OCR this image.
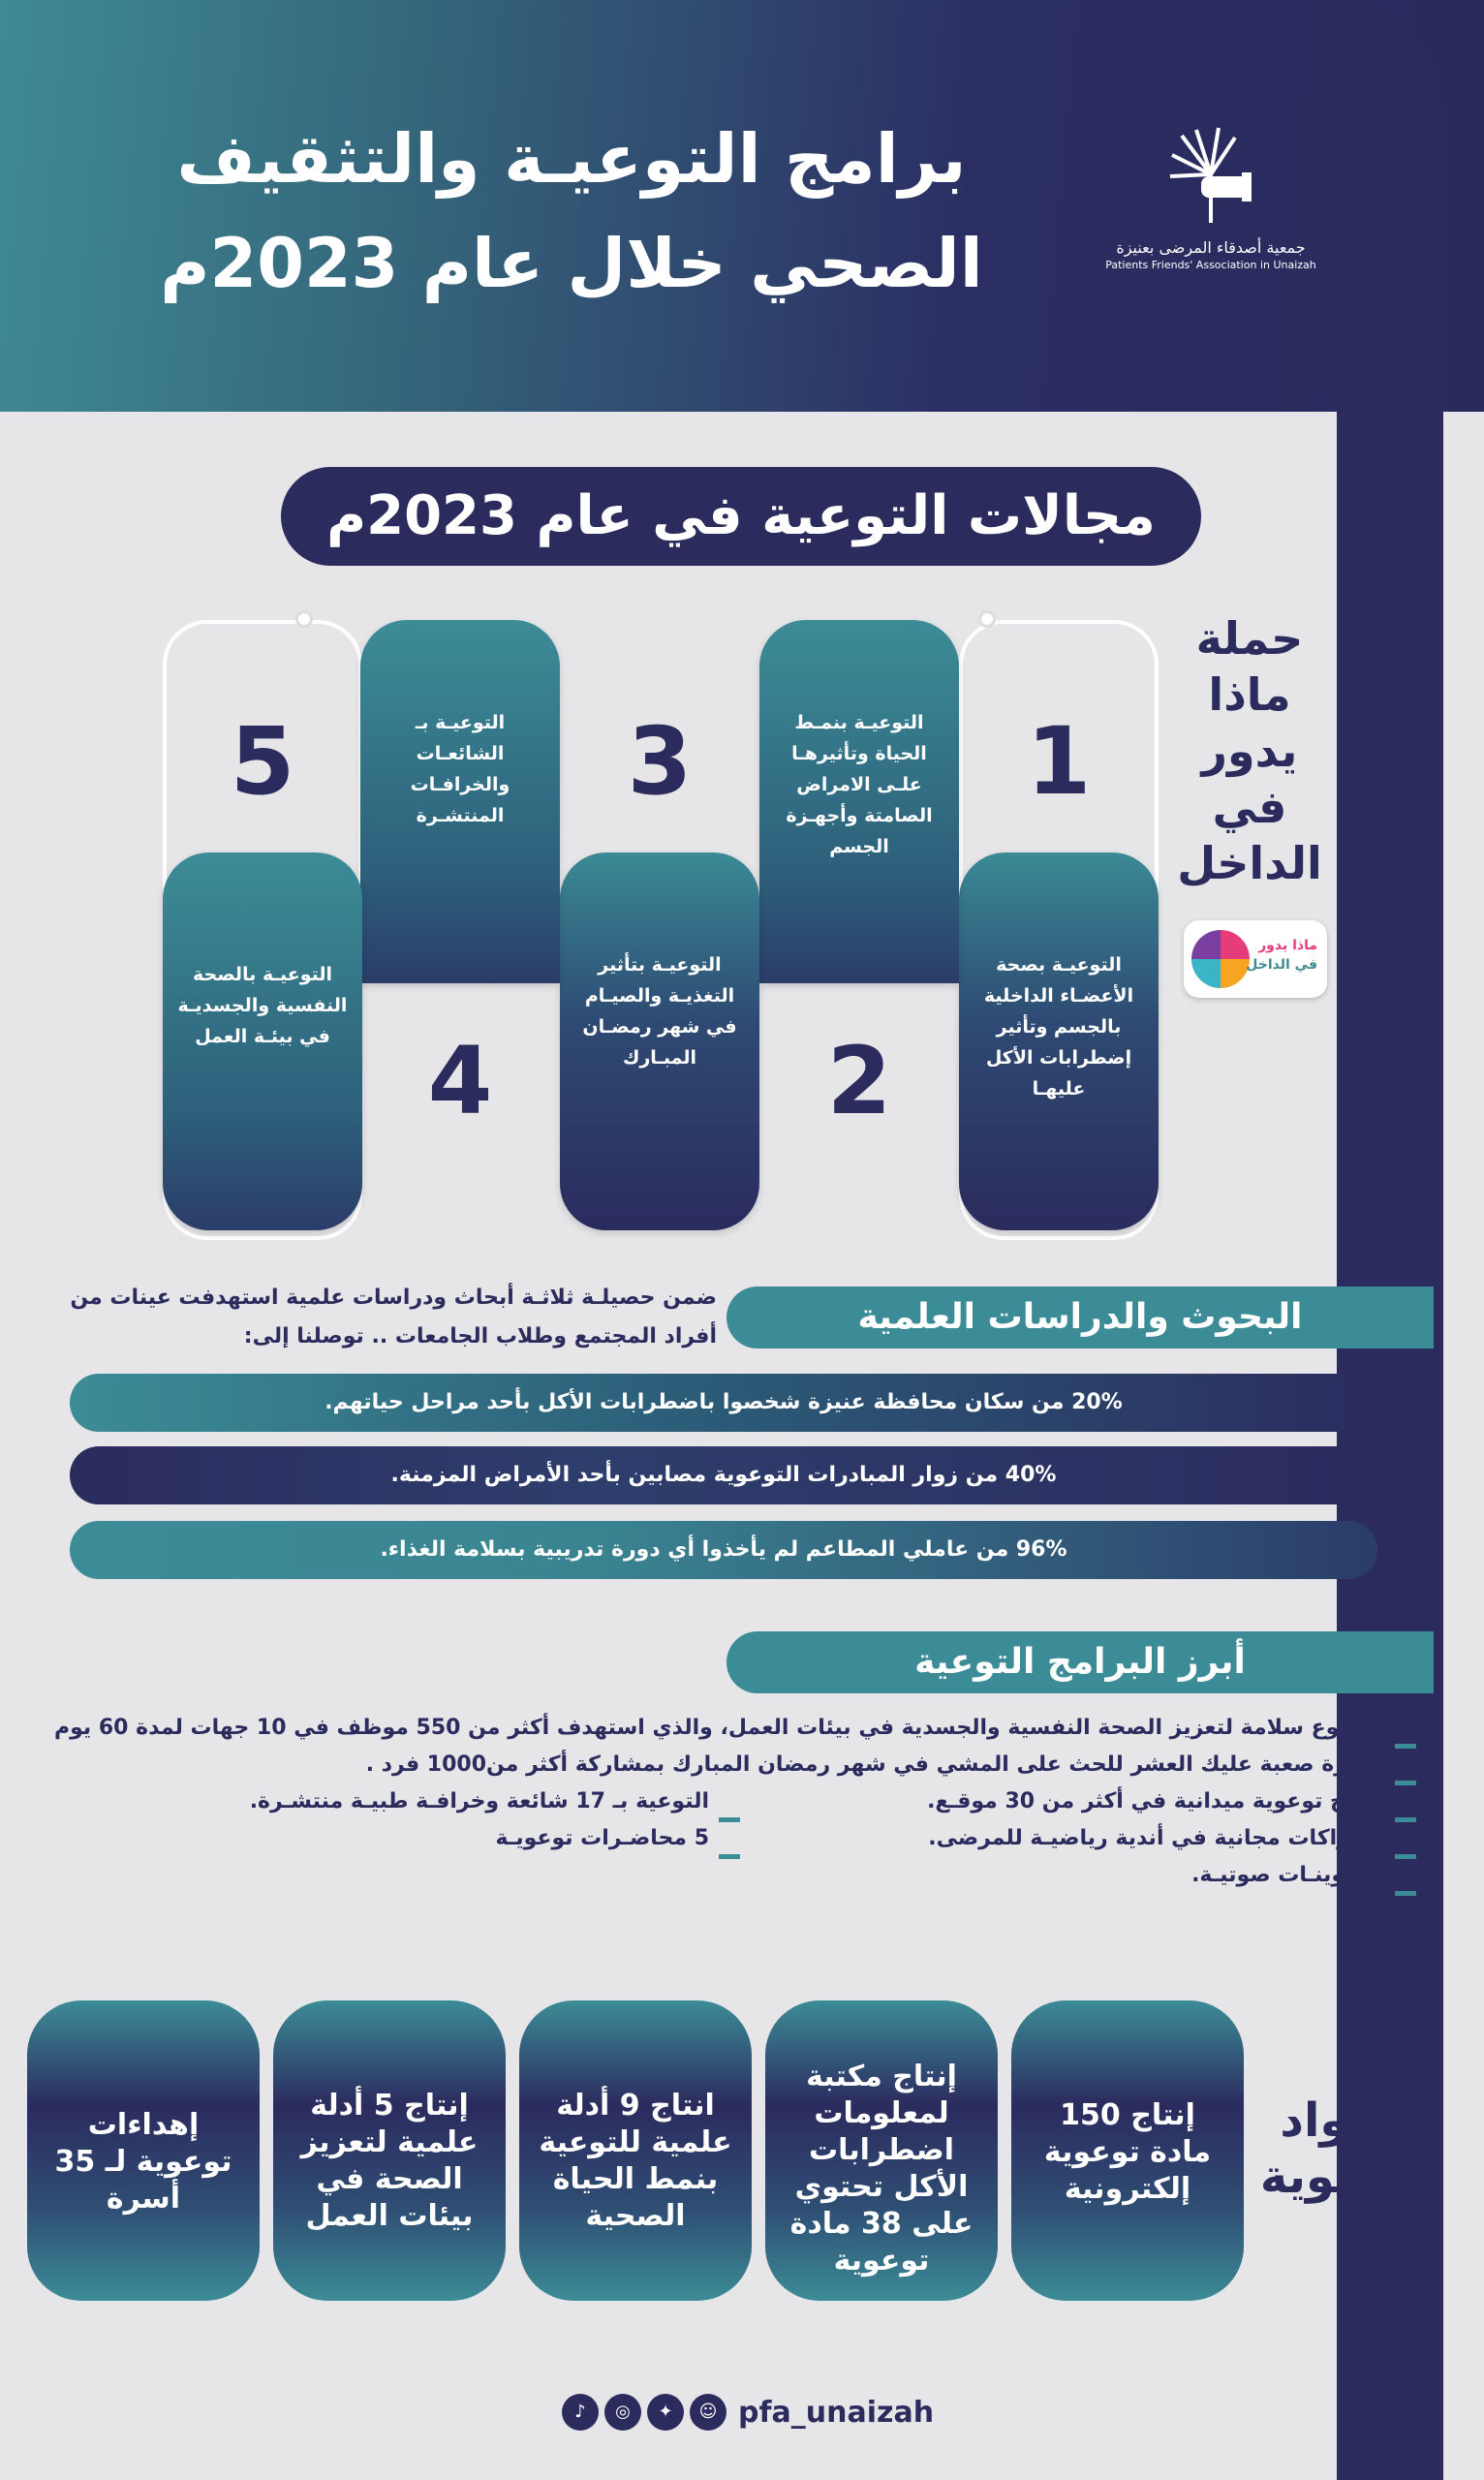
برامج التوعيـة والتثقيف
الصحي خلال عام 2023م	جمعية أصدقاء المرضى بعنيزة
Patients Friends' Association in Unaizah
مجالات التوعية في عام 2023م
حملة ماذا يدور في الداخل
ماذا يدور
في الداخل
التوعيـة بصحة الأعضـاء الداخلية بالجسم وتأثير إضطرابات الأكل عليهـا
1
التوعيـة بنمـط الحياة وتأثيرهـا علـى الامراض الصامتة وأجهـزة الجسم
2
التوعيـة بتأثير التغذيـة والصيـام في شهر رمضـان المبـارك
3
التوعيـة بـ الشائعـات والخرافـات المنتشـرة
4
التوعيـة بالصحة النفسية والجسديـة في بيئـة العمل
5
البحوث والدراسات العلمية
ضمن حصيلـة ثلاثـة أبحاث ودراسات علمية استهدفت عينات من أفراد المجتمع وطلاب الجامعات .. توصلنا إلى:
20% من سكان محافظة عنيزة شخصوا باضطرابات الأكل بأحد مراحل حياتهم.
40% من زوار المبادرات التوعوية مصابين بأحد الأمراض المزمنة.
96% من عاملي المطاعم لم يأخذوا أي دورة تدريبية بسلامة الغذاء.
أبرز البرامج التوعية
مشروع سلامة لتعزيز الصحة النفسية والجسدية في بيئات العمل، والذي استهدف أكثر من 550 موظف في 10 جهات لمدة 60 يوم
مبادرة صعبة عليك العشر للحث على المشي في شهر رمضان المبارك بمشاركة أكثر من1000 فرد .
برامج توعوية ميدانية في أكثر من 30 موقـع.
إشتراكات مجانية في أندية رياضيـة للمرضى.
5 تدوينـات صوتيـة.
التوعية بـ 17 شائعة وخرافـة طبيـة منتشـرة.
5 محاضـرات توعويـة
مـواد توعوية
إنتاج 150 مادة توعوية إلكترونية
إنتاج مكتبة لمعلومات اضطرابات الأكل تحتوي على 38 مادة توعوية
انتاج 9 أدلة علمية للتوعية بنمط الحياة الصحية
إنتاج 5 أدلة علمية لتعزيز الصحة في بيئات العمل
إهداءات توعوية لـ 35 أسرة
♪	◎	✦	☺ pfa_unaizah
